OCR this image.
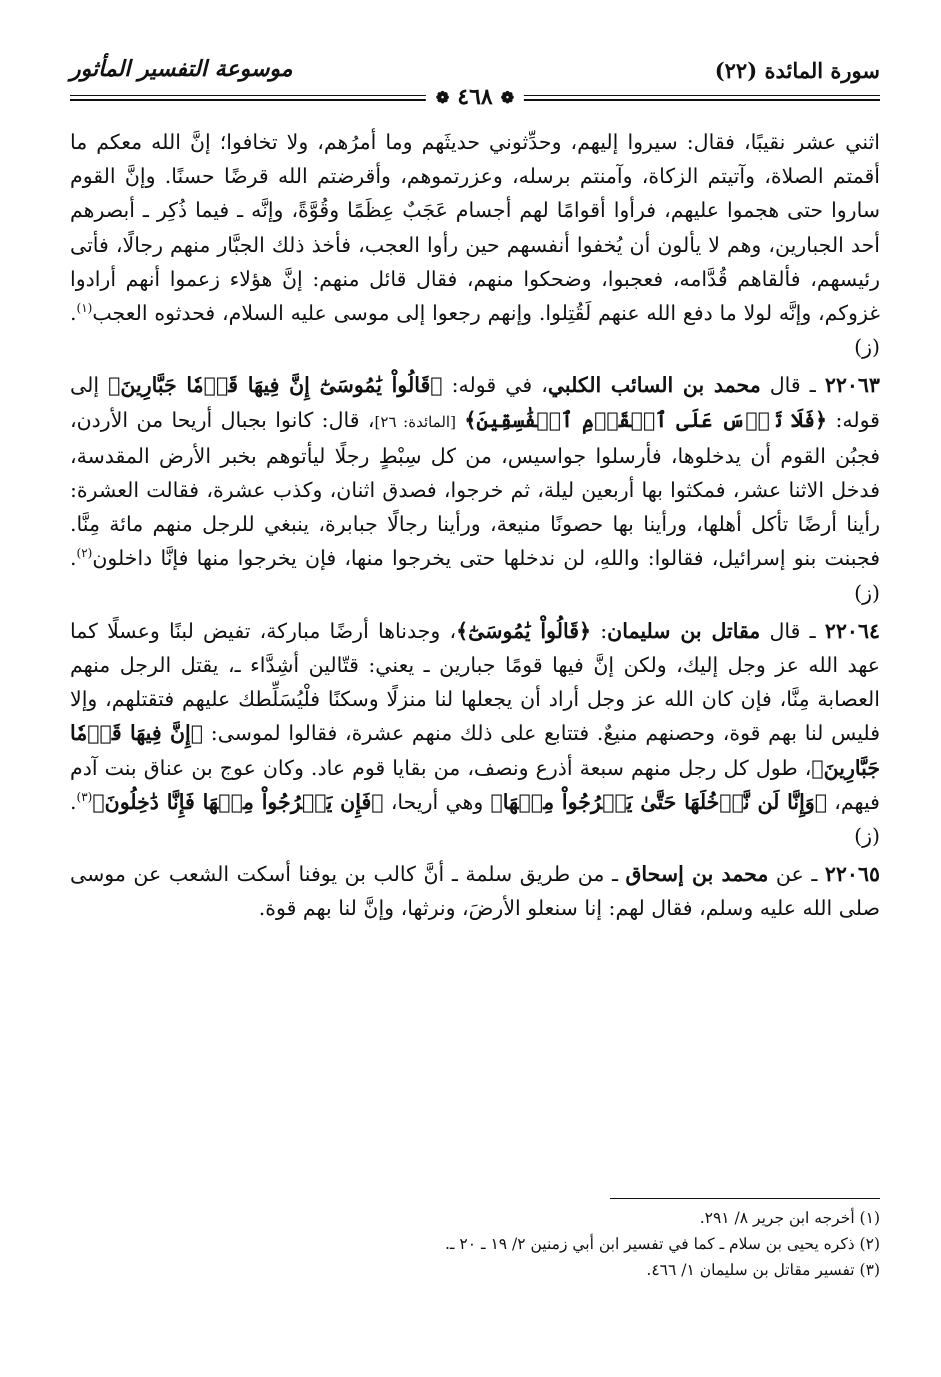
سورة المائدة (٢٢)
موسوعة التفسير المأثور
❁ ٤٦٨ ❁

اثني عشر نقيبًا، فقال: سيروا إليهم، وحدِّثوني حديثَهم وما أمرُهم، ولا تخافوا؛ إنَّ الله معكم ما أقمتم الصلاة، وآتيتم الزكاة، وآمنتم برسله، وعزرتموهم، وأقرضتم الله قرضًا حسنًا. وإنَّ القوم ساروا حتى هجموا عليهم، فرأوا أقوامًا لهم أجسام عَجَبٌ عِظَمًا وقُوَّةً، وإنَّه ـ فيما ذُكِر ـ أبصرهم أحد الجبارين، وهم لا يألون أن يُخفوا أنفسهم حين رأوا العجب، فأخذ ذلك الجبَّار منهم رجالًا، فأتى رئيسهم، فألقاهم قُدَّامه، فعجبوا، وضحكوا منهم، فقال قائل منهم: إنَّ هؤلاء زعموا أنهم أرادوا غزوكم، وإنَّه لولا ما دفع الله عنهم لَقُتِلوا. وإنهم رجعوا إلى موسى عليه السلام، فحدثوه العجب$^{(١)}$. (ز)

٢٢٠٦٣ ـ قال محمد بن السائب الكلبي، في قوله: ﴿قَالُواْ يَٰمُوسَىٰٓ إِنَّ فِيهَا قَوۡمٗا جَبَّارِينَ﴾ إلى قوله: ﴿فَلَا تَأۡسَ عَلَى ٱلۡقَوۡمِ ٱلۡفَٰسِقِينَ﴾ [المائدة: ٢٦]، قال: كانوا بجبال أريحا من الأردن، فجبُن القوم أن يدخلوها، فأرسلوا جواسيس، من كل سِبْطٍ رجلًا ليأتوهم بخبر الأرض المقدسة، فدخل الاثنا عشر، فمكثوا بها أربعين ليلة، ثم خرجوا، فصدق اثنان، وكذب عشرة، فقالت العشرة: رأينا أرضًا تأكل أهلها، ورأينا بها حصونًا منيعة، ورأينا رجالًا جبابرة، ينبغي للرجل منهم مائة مِنَّا. فجبنت بنو إسرائيل، فقالوا: واللهِ، لن ندخلها حتى يخرجوا منها، فإن يخرجوا منها فإنَّا داخلون$^{(٢)}$. (ز)

٢٢٠٦٤ ـ قال مقاتل بن سليمان: ﴿قَالُواْ يَٰمُوسَىٰٓ﴾، وجدناها أرضًا مباركة، تفيض لبنًا وعسلًا كما عهد الله عز وجل إليك، ولكن إنَّ فيها قومًا جبارين ـ يعني: قتّالين أشِدَّاء ـ، يقتل الرجل منهم العصابة مِنَّا، فإن كان الله عز وجل أراد أن يجعلها لنا منزلًا وسكنًا فلْيُسَلِّطك عليهم فتقتلهم، وإلا فليس لنا بهم قوة، وحصنهم منيعٌ. فتتابع على ذلك منهم عشرة، فقالوا لموسى: ﴿إِنَّ فِيهَا قَوۡمٗا جَبَّارِينَ﴾، طول كل رجل منهم سبعة أذرع ونصف، من بقايا قوم عاد. وكان عوج بن عناق بنت آدم فيهم، ﴿وَإِنَّا لَن نَّدۡخُلَهَا حَتَّىٰ يَخۡرُجُواْ مِنۡهَا﴾ وهي أريحا، ﴿فَإِن يَخۡرُجُواْ مِنۡهَا فَإِنَّا دَٰخِلُونَ﴾$^{(٣)}$. (ز)

٢٢٠٦٥ ـ عن محمد بن إسحاق ـ من طريق سلمة ـ أنَّ كالب بن يوفنا أسكت الشعب عن موسى صلى الله عليه وسلم، فقال لهم: إنا سنعلو الأرضَ، ونرثها، وإنَّ لنا بهم قوة.

(١) أخرجه ابن جرير ٨/ ٢٩١.
(٢) ذكره يحيى بن سلام ـ كما في تفسير ابن أبي زمنين ٢/ ١٩ ـ ٢٠ ـ.
(٣) تفسير مقاتل بن سليمان ١/ ٤٦٦.
